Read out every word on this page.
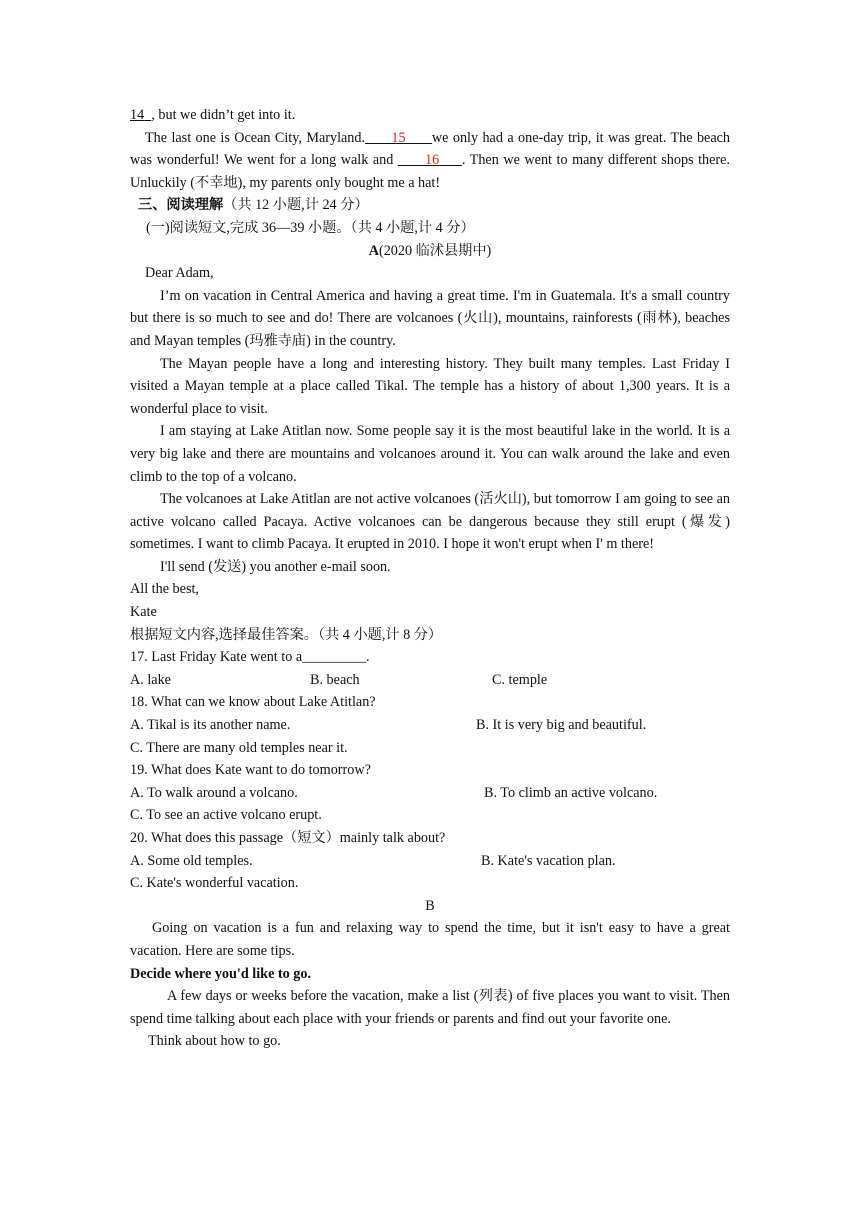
14 , but we didn’t get into it.

The last one is Ocean City, Maryland. 15 we only had a one-day trip, it was great. The beach was wonderful! We went for a long walk and       16 . Then we went to many different shops there. Unluckily (不幸地), my parents only bought me a hat!

三、阅读理解（共 12 小题,计 24 分）

(一)阅读短文,完成 36—39 小题。（共 4 小题,计 4 分）

A(2020 临沭县期中)

Dear Adam,

I’m on vacation in Central America and having a great time. I'm in Guatemala. It's a small country but there is so much to see and do! There are volcanoes (火山), mountains, rainforests (雨林), beaches and Mayan temples (玛雅寺庙) in the country.

The Mayan people have a long and interesting history. They built many temples. Last Friday I visited a Mayan temple at a place called Tikal. The temple has a history of about 1,300 years. It is a wonderful place to visit.

I am staying at Lake Atitlan now. Some people say it is the most beautiful lake in the world. It is a very big lake and there are mountains and volcanoes around it. You can walk around the lake and even climb to the top of a volcano.

The volcanoes at Lake Atitlan are not active volcanoes (活火山), but tomorrow I am going to see an active volcano called Pacaya. Active volcanoes can be dangerous because they still erupt (爆发) sometimes. I want to climb Pacaya. It erupted in 2010. I hope it won't erupt when I' m there!

I'll send (发送) you another e-mail soon.

All the best,

Kate

根据短文内容,选择最佳答案。（共 4 小题,计 8 分）

17. Last Friday Kate went to a_________.

A. lake	B. beach	C. temple

18. What can we know about Lake Atitlan?

A. Tikal is its another name.	B. It is very big and beautiful.

C. There are many old temples near it.

19. What does Kate want to do tomorrow?

A. To walk around a volcano.	B. To climb an active volcano.

C. To see an active volcano erupt.

20. What does this passage（短文）mainly talk about?

A. Some old temples.	B. Kate's vacation plan.

C. Kate's wonderful vacation.

B

Going on vacation is a fun and relaxing way to spend the time, but it isn't easy to have a great vacation. Here are some tips.

Decide where you'd like to go.

A few days or weeks before the vacation, make a list (列表) of five places you want to visit. Then spend time talking about each place with your friends or parents and find out your favorite one.

Think about how to go.
